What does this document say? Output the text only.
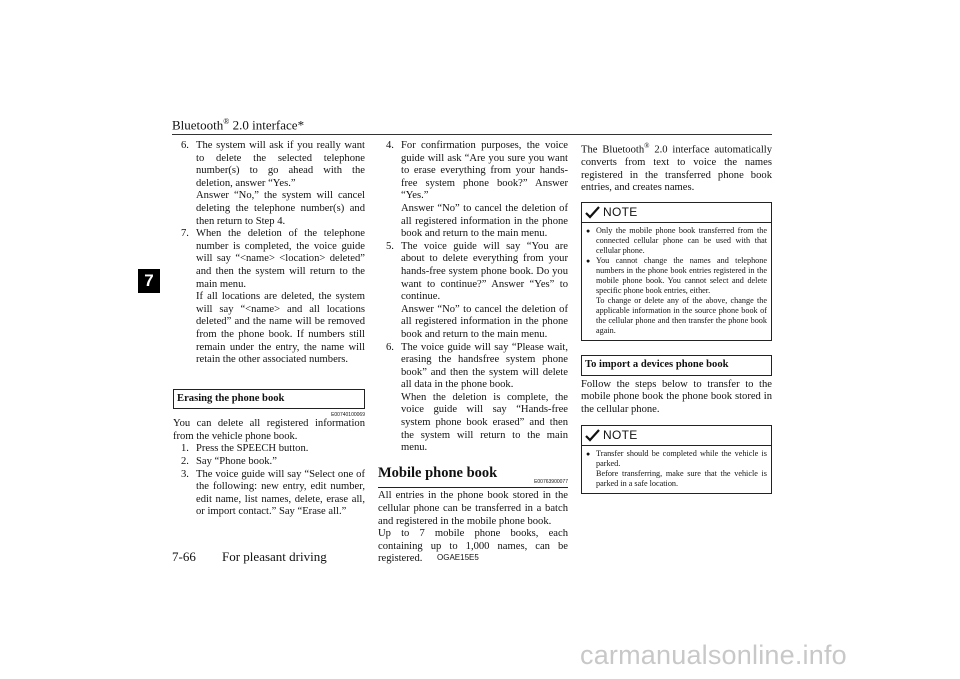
Bluetooth® 2.0 interface*
7
6. The system will ask if you really want to delete the selected telephone number(s) to go ahead with the deletion, answer “Yes.”

Answer “No,” the system will cancel deleting the telephone number(s) and then return to Step 4.

7. When the deletion of the telephone number is completed, the voice guide will say “<name> <location> deleted” and then the system will return to the main menu.

If all locations are deleted, the system will say “<name> and all locations deleted” and the name will be removed from the phone book. If numbers still remain under the entry, the name will retain the other associated numbers.

Erasing the phone book
E00740100069
You can delete all registered information from the vehicle phone book.
1. Press the SPEECH button.
2. Say “Phone book.”
3. The voice guide will say “Select one of the following: new entry, edit number, edit name, list names, delete, erase all, or import contact.” Say “Erase all.”
4. For confirmation purposes, the voice guide will ask “Are you sure you want to erase everything from your hands-free system phone book?” Answer “Yes.”

Answer “No” to cancel the deletion of all registered information in the phone book and return to the main menu.

5. The voice guide will say “You are about to delete everything from your hands-free system phone book. Do you want to continue?” Answer “Yes” to continue.

Answer “No” to cancel the deletion of all registered information in the phone book and return to the main menu.

6. The voice guide will say “Please wait, erasing the handsfree system phone book” and then the system will delete all data in the phone book.

When the deletion is complete, the voice guide will say “Hands-free system phone book erased” and then the system will return to the main menu.

Mobile phone book
E00763900077
All entries in the phone book stored in the cellular phone can be transferred in a batch and registered in the mobile phone book.
Up to 7 mobile phone books, each containing up to 1,000 names, can be registered.
The Bluetooth® 2.0 interface automatically converts from text to voice the names registered in the transferred phone book entries, and creates names.
NOTE
● Only the mobile phone book transferred from the connected cellular phone can be used with that cellular phone.
● You cannot change the names and telephone numbers in the phone book entries registered in the mobile phone book. You cannot select and delete specific phone book entries, either.

To change or delete any of the above, change the applicable information in the source phone book of the cellular phone and then transfer the phone book again.

To import a devices phone book
Follow the steps below to transfer to the mobile phone book the phone book stored in the cellular phone.
NOTE
● Transfer should be completed while the vehicle is parked.

Before transferring, make sure that the vehicle is parked in a safe location.

7-66 For pleasant driving	OGAE15E5
carmanualsonline.info
